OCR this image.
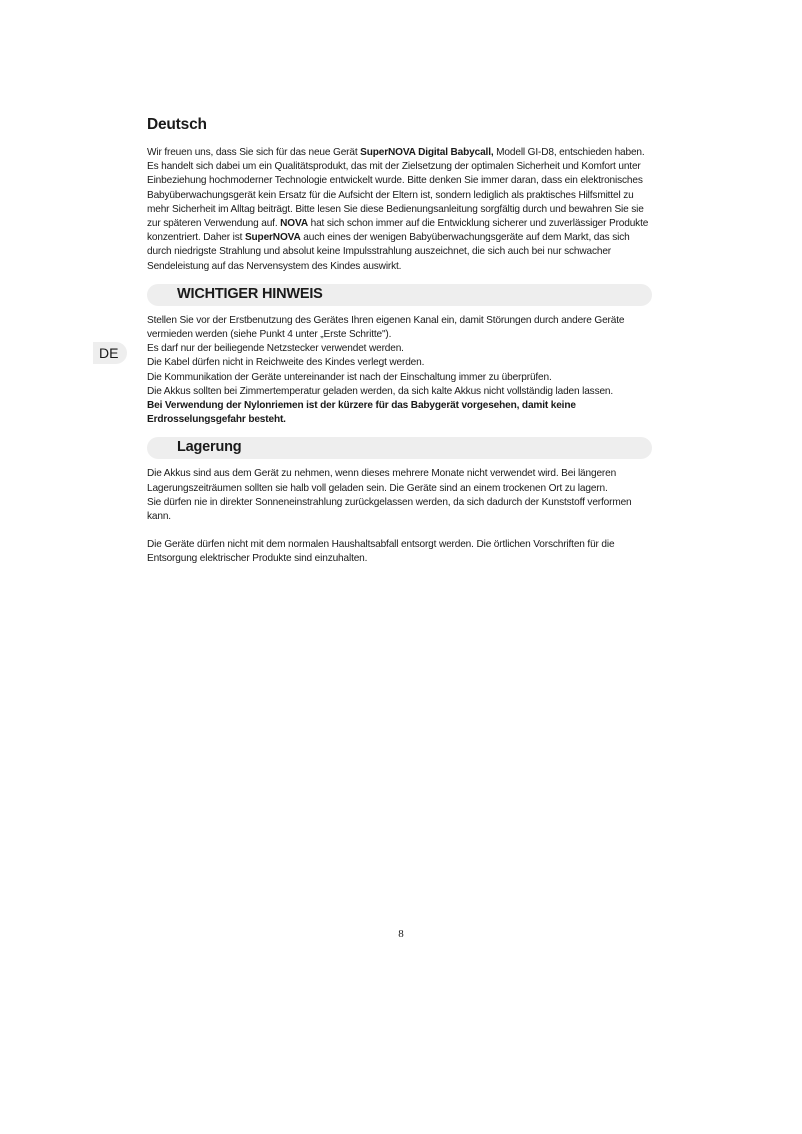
DE
Deutsch

Wir freuen uns, dass Sie sich für das neue Gerät SuperNOVA Digital Babycall, Modell GI-D8, entschieden haben. Es handelt sich dabei um ein Qualitätsprodukt, das mit der Zielsetzung der optimalen Sicherheit und Komfort unter Einbeziehung hochmoderner Technologie entwickelt wurde. Bitte denken Sie immer daran, dass ein elektronisches Babyüberwachungsgerät kein Ersatz für die Aufsicht der Eltern ist, sondern lediglich als praktisches Hilfsmittel zu mehr Sicherheit im Alltag beiträgt. Bitte lesen Sie diese Bedienungsanleitung sorgfältig durch und bewahren Sie sie zur späteren Verwendung auf. NOVA hat sich schon immer auf die Entwicklung sicherer und zuverlässiger Produkte konzentriert. Daher ist SuperNOVA auch eines der wenigen Babyüberwachungsgeräte auf dem Markt, das sich durch niedrigste Strahlung und absolut keine Impulsstrahlung auszeichnet, die sich auch bei nur schwacher Sendeleistung auf das Nervensystem des Kindes auswirkt.

WICHTIGER HINWEIS

Stellen Sie vor der Erstbenutzung des Gerätes Ihren eigenen Kanal ein, damit Störungen durch andere Geräte vermieden werden (siehe Punkt 4 unter „Erste Schritte").

Es darf nur der beiliegende Netzstecker verwendet werden.

Die Kabel dürfen nicht in Reichweite des Kindes verlegt werden.

Die Kommunikation der Geräte untereinander ist nach der Einschaltung immer zu überprüfen.

Die Akkus sollten bei Zimmertemperatur geladen werden, da sich kalte Akkus nicht vollständig laden lassen.

Bei Verwendung der Nylonriemen ist der kürzere für das Babygerät vorgesehen, damit keine Erdrosselungsgefahr besteht.

Lagerung

Die Akkus sind aus dem Gerät zu nehmen, wenn dieses mehrere Monate nicht verwendet wird. Bei längeren Lagerungszeiträumen sollten sie halb voll geladen sein. Die Geräte sind an einem trockenen Ort zu lagern.

Sie dürfen nie in direkter Sonneneinstrahlung zurückgelassen werden, da sich dadurch der Kunststoff verformen kann.

Die Geräte dürfen nicht mit dem normalen Haushaltsabfall entsorgt werden. Die örtlichen Vorschriften für die Entsorgung elektrischer Produkte sind einzuhalten.

8
